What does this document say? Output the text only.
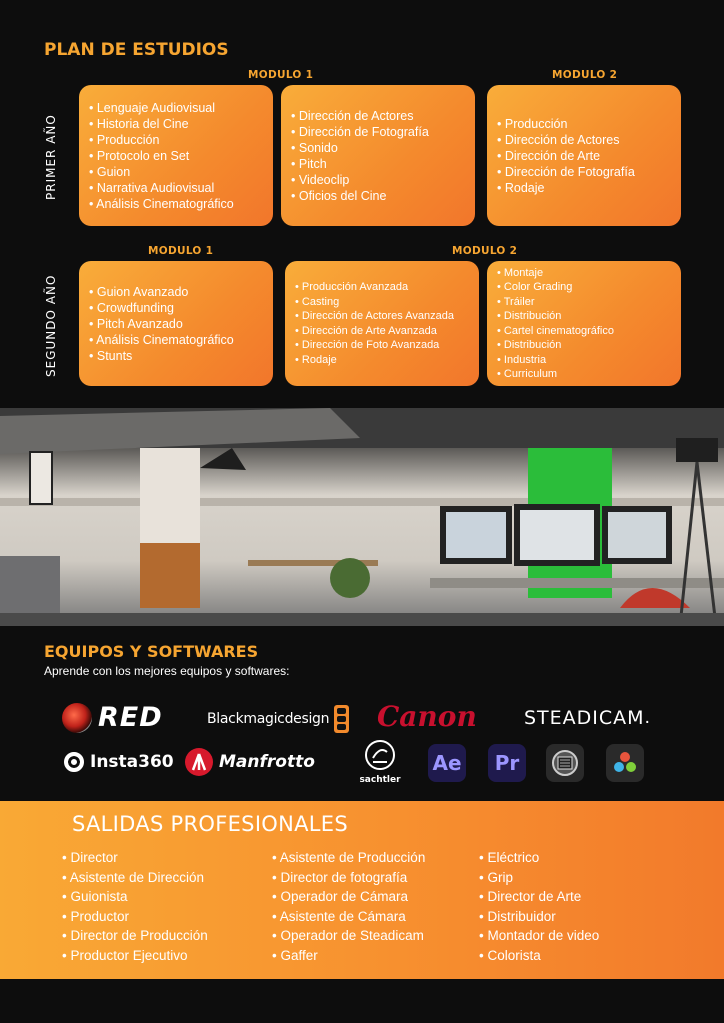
PLAN DE ESTUDIOS
PRIMER AÑO
MODULO 1	MODULO 2
• Lenguaje Audiovisual
• Historia del Cine
• Producción
• Protocolo en Set
• Guion
• Narrativa Audiovisual
• Análisis Cinematográfico
• Dirección de Actores
• Dirección de Fotografía
• Sonido
• Pitch
• Videoclip
• Oficios del Cine
• Producción
• Dirección de Actores
• Dirección de Arte
• Dirección de Fotografía
• Rodaje
SEGUNDO AÑO
MODULO 1	MODULO 2
• Guion Avanzado
• Crowdfunding
• Pitch Avanzado
• Análisis Cinematográfico
• Stunts
• Producción Avanzada
• Casting
• Dirección de Actores Avanzada
• Dirección de Arte Avanzada
• Dirección de Foto Avanzada
• Rodaje
• Montaje
• Color Grading
• Tráiler
• Distribución
• Cartel cinematográfico
• Distribución
• Industria
• Curriculum
EQUIPOS Y SOFTWARES
Aprende con los mejores equipos y softwares:
RED	Blackmagicdesign Canon STEADICAM .
Insta360	Manfrotto
sachtler
Ae	Pr
SALIDAS PROFESIONALES
• Director
• Asistente de Dirección
• Guionista
• Productor
• Director de Producción
• Productor Ejecutivo
• Asistente de Producción
• Director de fotografía
• Operador de Cámara
• Asistente de Cámara
• Operador de Steadicam
• Gaffer
• Eléctrico
• Grip
• Director de Arte
• Distribuidor
• Montador de video
• Colorista
